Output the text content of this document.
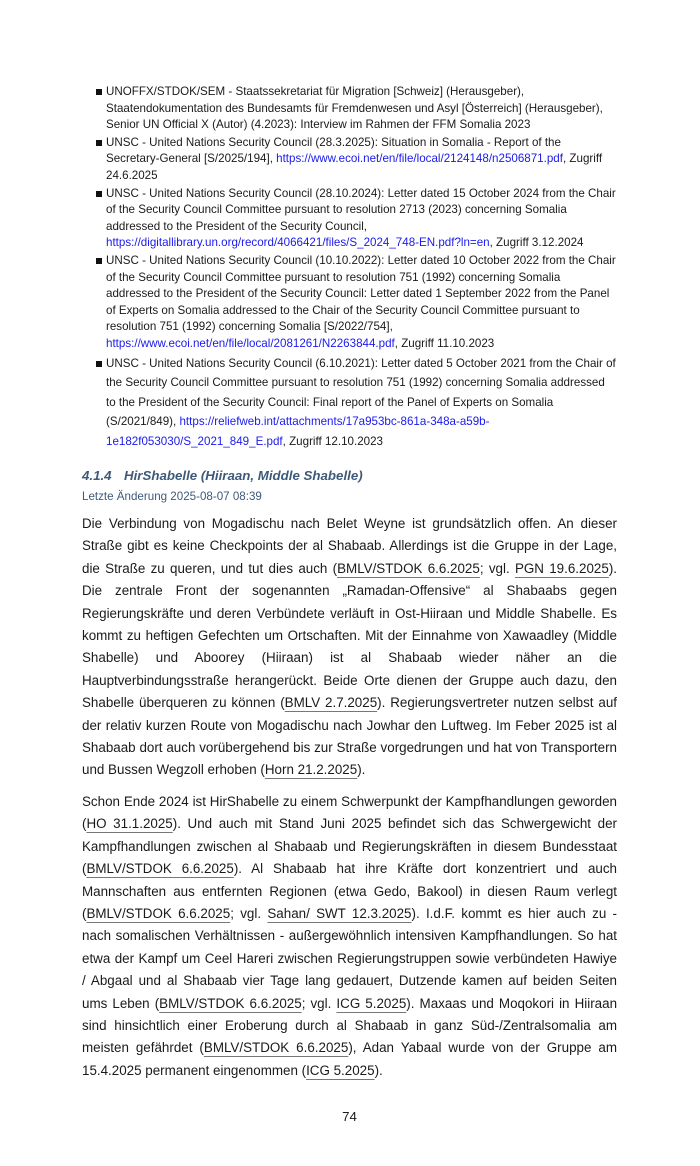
UNOFFX/STDOK/SEM - Staatssekretariat für Migration [Schweiz] (Herausgeber), Staatendokumentation des Bundesamts für Fremdenwesen und Asyl [Österreich] (Herausgeber), Senior UN Official X (Autor) (4.2023): Interview im Rahmen der FFM Somalia 2023
UNSC - United Nations Security Council (28.3.2025): Situation in Somalia - Report of the Secretary-General [S/2025/194], https://www.ecoi.net/en/file/local/2124148/n2506871.pdf, Zugriff 24.6.2025
UNSC - United Nations Security Council (28.10.2024): Letter dated 15 October 2024 from the Chair of the Security Council Committee pursuant to resolution 2713 (2023) concerning Somalia addressed to the President of the Security Council, https://digitallibrary.un.org/record/4066421/files/S_2024_​748-EN.pdf?ln=en, Zugriff 3.12.2024
UNSC - United Nations Security Council (10.10.2022): Letter dated 10 October 2022 from the Chair of the Security Council Committee pursuant to resolution 751 (1992) concerning Somalia addressed to the President of the Security Council: Letter dated 1 September 2022 from the Panel of Experts on Somalia addressed to the Chair of the Security Council Committee pursuant to resolution 751 (1992) concerning Somalia [S/2022/754], https://www.ecoi.net/en/file/local/2081261/N2263844.pdf, Zugriff 11.10.2023
UNSC - United Nations Security Council (6.10.2021): Letter dated 5 October 2021 from the Chair of the Security Council Committee pursuant to resolution 751 (1992) concerning Somalia addressed to the President of the Security Council: Final report of the Panel of Experts on Somalia (S/2021/849), https://reliefweb.int/attachments/17a953bc-861a-348a-a59b-1e182f053030/S_2021_849_E.pdf, Zugriff 12.10.2023
4.1.4 HirShabelle (Hiiraan, Middle Shabelle)
Letzte Änderung 2025-08-07 08:39

Die Verbindung von Mogadischu nach Belet Weyne ist grundsätzlich offen. An dieser Straße gibt es keine Checkpoints der al Shabaab. Allerdings ist die Gruppe in der Lage, die Straße zu queren, und tut dies auch (BMLV/STDOK 6.6.2025; vgl. PGN 19.6.2025). Die zentrale Front der sogenannten „Ramadan-Offensive“ al Shabaabs gegen Regierungskräfte und deren Verbündete verläuft in Ost-Hiiraan und Middle Shabelle. Es kommt zu heftigen Gefechten um Ortschaften. Mit der Einnahme von Xawaadley (Middle Shabelle) und Aboorey (Hiiraan) ist al Shabaab wieder näher an die Hauptverbindungsstraße herangerückt. Beide Orte dienen der Gruppe auch dazu, den Shabelle überqueren zu können (BMLV 2.7.2025). Regierungsvertreter nutzen selbst auf der relativ kurzen Route von Mogadischu nach Jowhar den Luftweg. Im Feber 2025 ist al Shabaab dort auch vorübergehend bis zur Straße vorgedrungen und hat von Transportern und Bussen Wegzoll erhoben (Horn 21.2.2025).

Schon Ende 2024 ist HirShabelle zu einem Schwerpunkt der Kampfhandlungen geworden (HO 31.1.2025). Und auch mit Stand Juni 2025 befindet sich das Schwergewicht der Kampfhandlungen zwischen al Shabaab und Regierungskräften in diesem Bundesstaat (BMLV/STDOK 6.6.2025). Al Shabaab hat ihre Kräfte dort konzentriert und auch Mannschaften aus entfernten Regionen (etwa Gedo, Bakool) in diesen Raum verlegt (BMLV/STDOK 6.6.2025; vgl. Sahan/ SWT 12.3.2025). I.d.F. kommt es hier auch zu - nach somalischen Verhältnissen - außergewöhnlich intensiven Kampfhandlungen. So hat etwa der Kampf um Ceel Hareri zwischen Regierungstruppen sowie verbündeten Hawiye / Abgaal und al Shabaab vier Tage lang gedauert, Dutzende kamen auf beiden Seiten ums Leben (BMLV/STDOK 6.6.2025; vgl. ICG 5.2025). Maxaas und Moqokori in Hiiraan sind hinsichtlich einer Eroberung durch al Shabaab in ganz Süd-/Zentralsomalia am meisten gefährdet (BMLV/STDOK 6.6.2025), Adan Yabaal wurde von der Gruppe am 15.4.2025 permanent eingenommen (ICG 5.2025).

74
